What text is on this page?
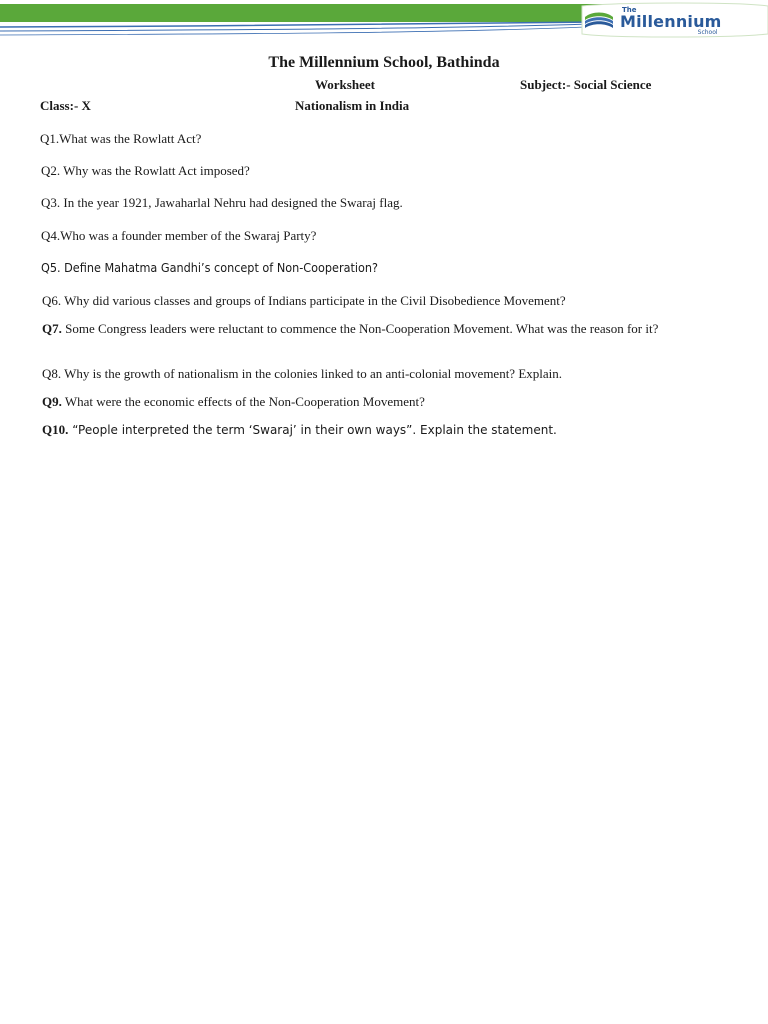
The
Millennium
School
The Millennium School, Bathinda
Worksheet	Subject:- Social Science
Class:- X	Nationalism in India
Q1.What was the Rowlatt Act?
Q2. Why was the Rowlatt Act imposed?
Q3. In the year 1921, Jawaharlal Nehru had designed the Swaraj flag.
Q4.Who was a founder member of the Swaraj Party?
Q5. Define Mahatma Gandhi’s concept of Non-Cooperation?
Q6. Why did various classes and groups of Indians participate in the Civil Disobedience Movement?
Q7. Some Congress leaders were reluctant to commence the Non-Cooperation Movement. What was the reason for it?
Q8. Why is the growth of nationalism in the colonies linked to an anti-colonial movement? Explain.
Q9. What were the economic effects of the Non-Cooperation Movement?
Q10. “People interpreted the term ‘Swaraj’ in their own ways”. Explain the statement.
